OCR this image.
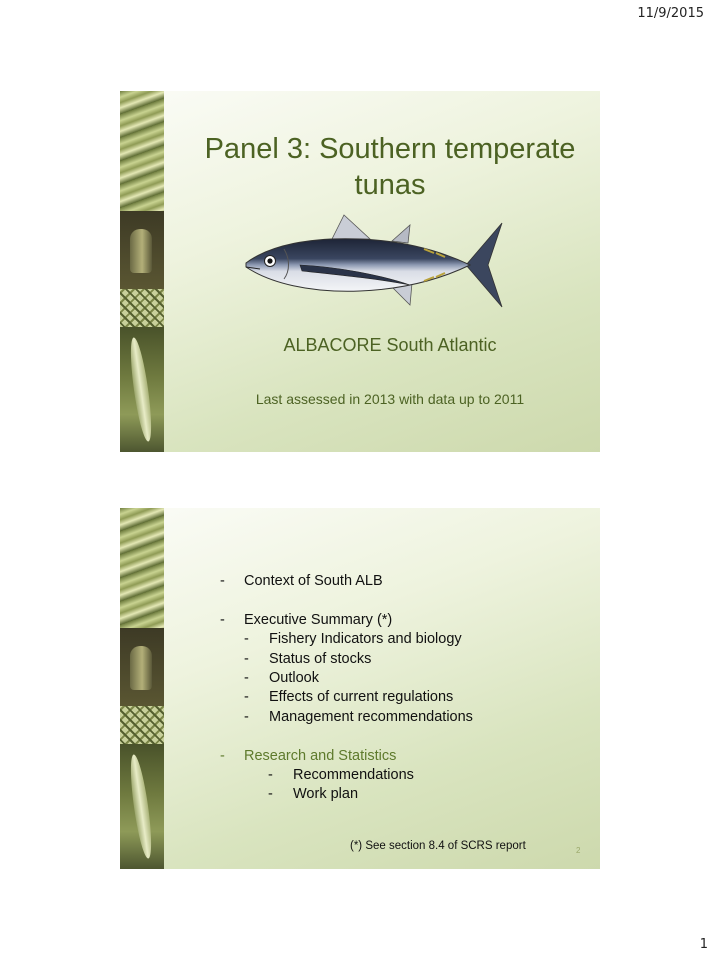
11/9/2015
Panel 3: Southern temperate
tunas
ALBACORE South Atlantic
Last assessed in 2013 with data up to 2011
- Context of South ALB
- Executive Summary (*)
- Fishery Indicators and biology
- Status of stocks
- Outlook
- Effects of current regulations
- Management recommendations
- Research and Statistics
- Recommendations
- Work plan
(*) See section 8.4 of SCRS report	2
1
